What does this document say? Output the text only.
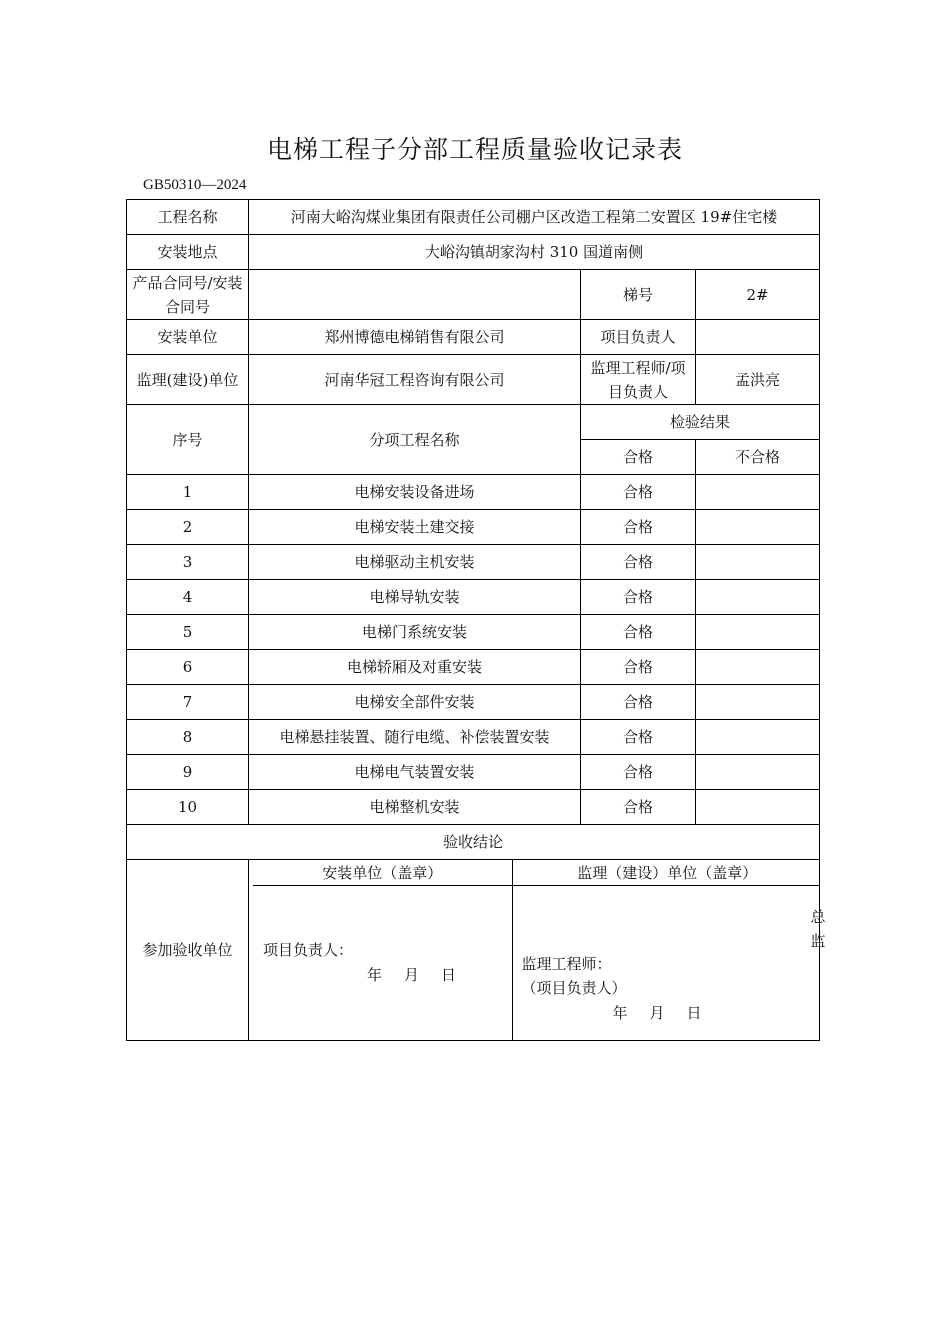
电梯工程子分部工程质量验收记录表
GB50310—2024
工程名称	河南大峪沟煤业集团有限责任公司棚户区改造工程第二安置区 19#住宅楼
安装地点	大峪沟镇胡家沟村 310 国道南侧
产品合同号/安装合同号		梯号	2#
安装单位	郑州博德电梯销售有限公司	项目负责人	
监理(建设)单位	河南华冠工程咨询有限公司	监理工程师/项目负责人	孟洪亮
序号	分项工程名称	检验结果
合格	不合格
1	电梯安装设备进场	合格	
2	电梯安装土建交接	合格	
3	电梯驱动主机安装	合格	
4	电梯导轨安装	合格	
5	电梯门系统安装	合格	
6	电梯轿厢及对重安装	合格	
7	电梯安全部件安装	合格	
8	电梯悬挂装置、随行电缆、补偿装置安装	合格	
9	电梯电气装置安装	合格	
10	电梯整机安装	合格	
验收结论
参加验收单位	
安装单位（盖章）	监理（建设）单位（盖章）

项目负责人：
年 月 日

监理工程师：
（项目负责人）
年 月 日
总监
